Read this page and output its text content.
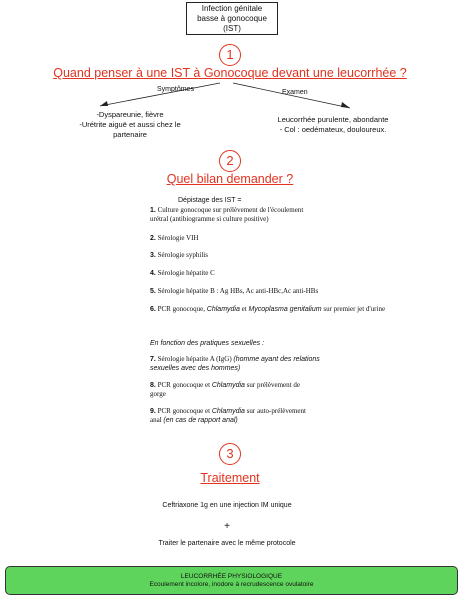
Infection génitale
basse à gonocoque
(IST)
1
Quand penser à une IST à Gonocoque devant une leucorrhée ?
Symptômes	Examen
-Dyspareunie, fièvre
-Urétrite aiguë et aussi chez le
partenaire
Leucorrhée purulente, abondante
- Col : oedémateux, douloureux.
2
Quel bilan demander ?
Dépistage des IST =
1. Culture gonocoque sur prélèvement de l'écoulement
urétral (antibiogramme si culture positive)
2. Sérologie VIH
3. Sérologie syphilis
4. Sérologie hépatite C
5. Sérologie hépatite B : Ag HBs, Ac anti-HBc,Ac anti-HBs
6. PCR gonocoque, Chlamydia et Mycoplasma genitalium sur premier jet d'urine
En fonction des pratiques sexuelles :
7. Sérologie hépatite A (IgG) (homme ayant des relations
sexuelles avec des hommes)
8. PCR gonocoque et Chlamydia sur prélèvement de
gorge
9. PCR gonocoque et Chlamydia sur auto-prélèvement
anal (en cas de rapport anal)
3
Traitement
Ceftriaxone 1g en une injection IM unique
+
Traiter le partenaire avec le même protocole
LEUCORRHÉE PHYSIOLOGIQUE
Ecoulement incolore, inodore à recrudescence ovulatoire
